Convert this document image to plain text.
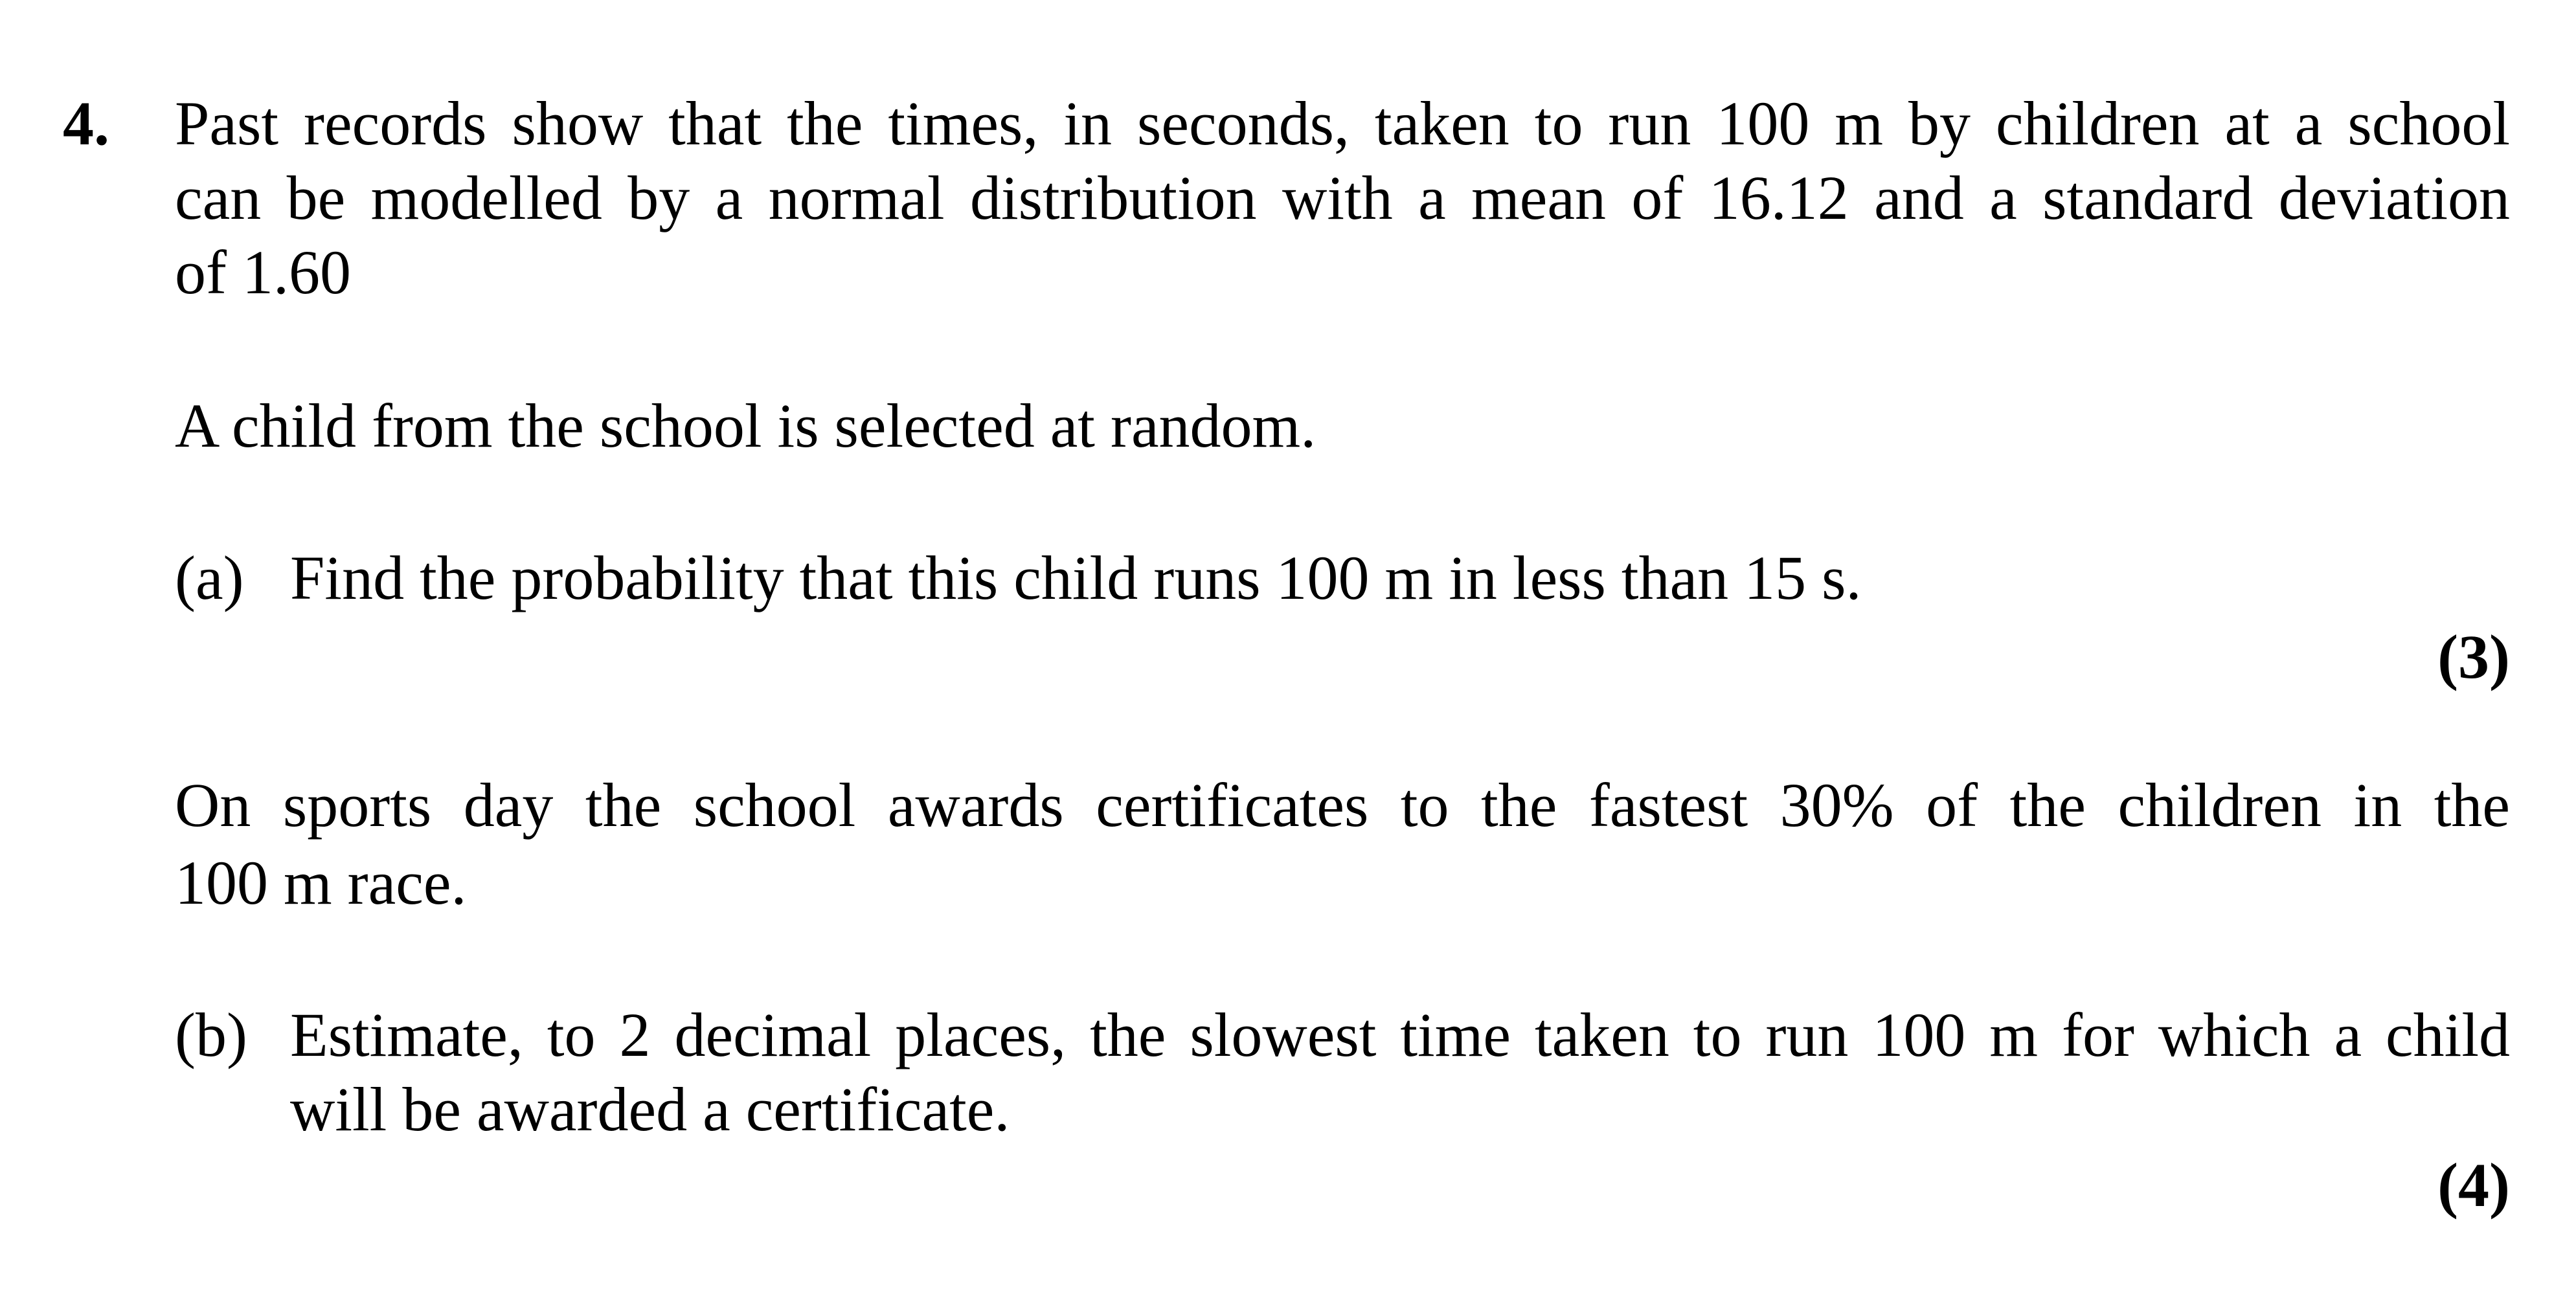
4. Past records show that the times, in seconds, taken to run 100 m by children at a school
can be modelled by a normal distribution with a mean of 16.12 and a standard deviation
of 1.60
A child from the school is selected at random.
(a) Find the probability that this child runs 100 m in less than 15 s.
(3)
On sports day the school awards certificates to the fastest 30% of the children in the
100 m race.
(b) Estimate, to 2 decimal places, the slowest time taken to run 100 m for which a child
will be awarded a certificate.
(4)
